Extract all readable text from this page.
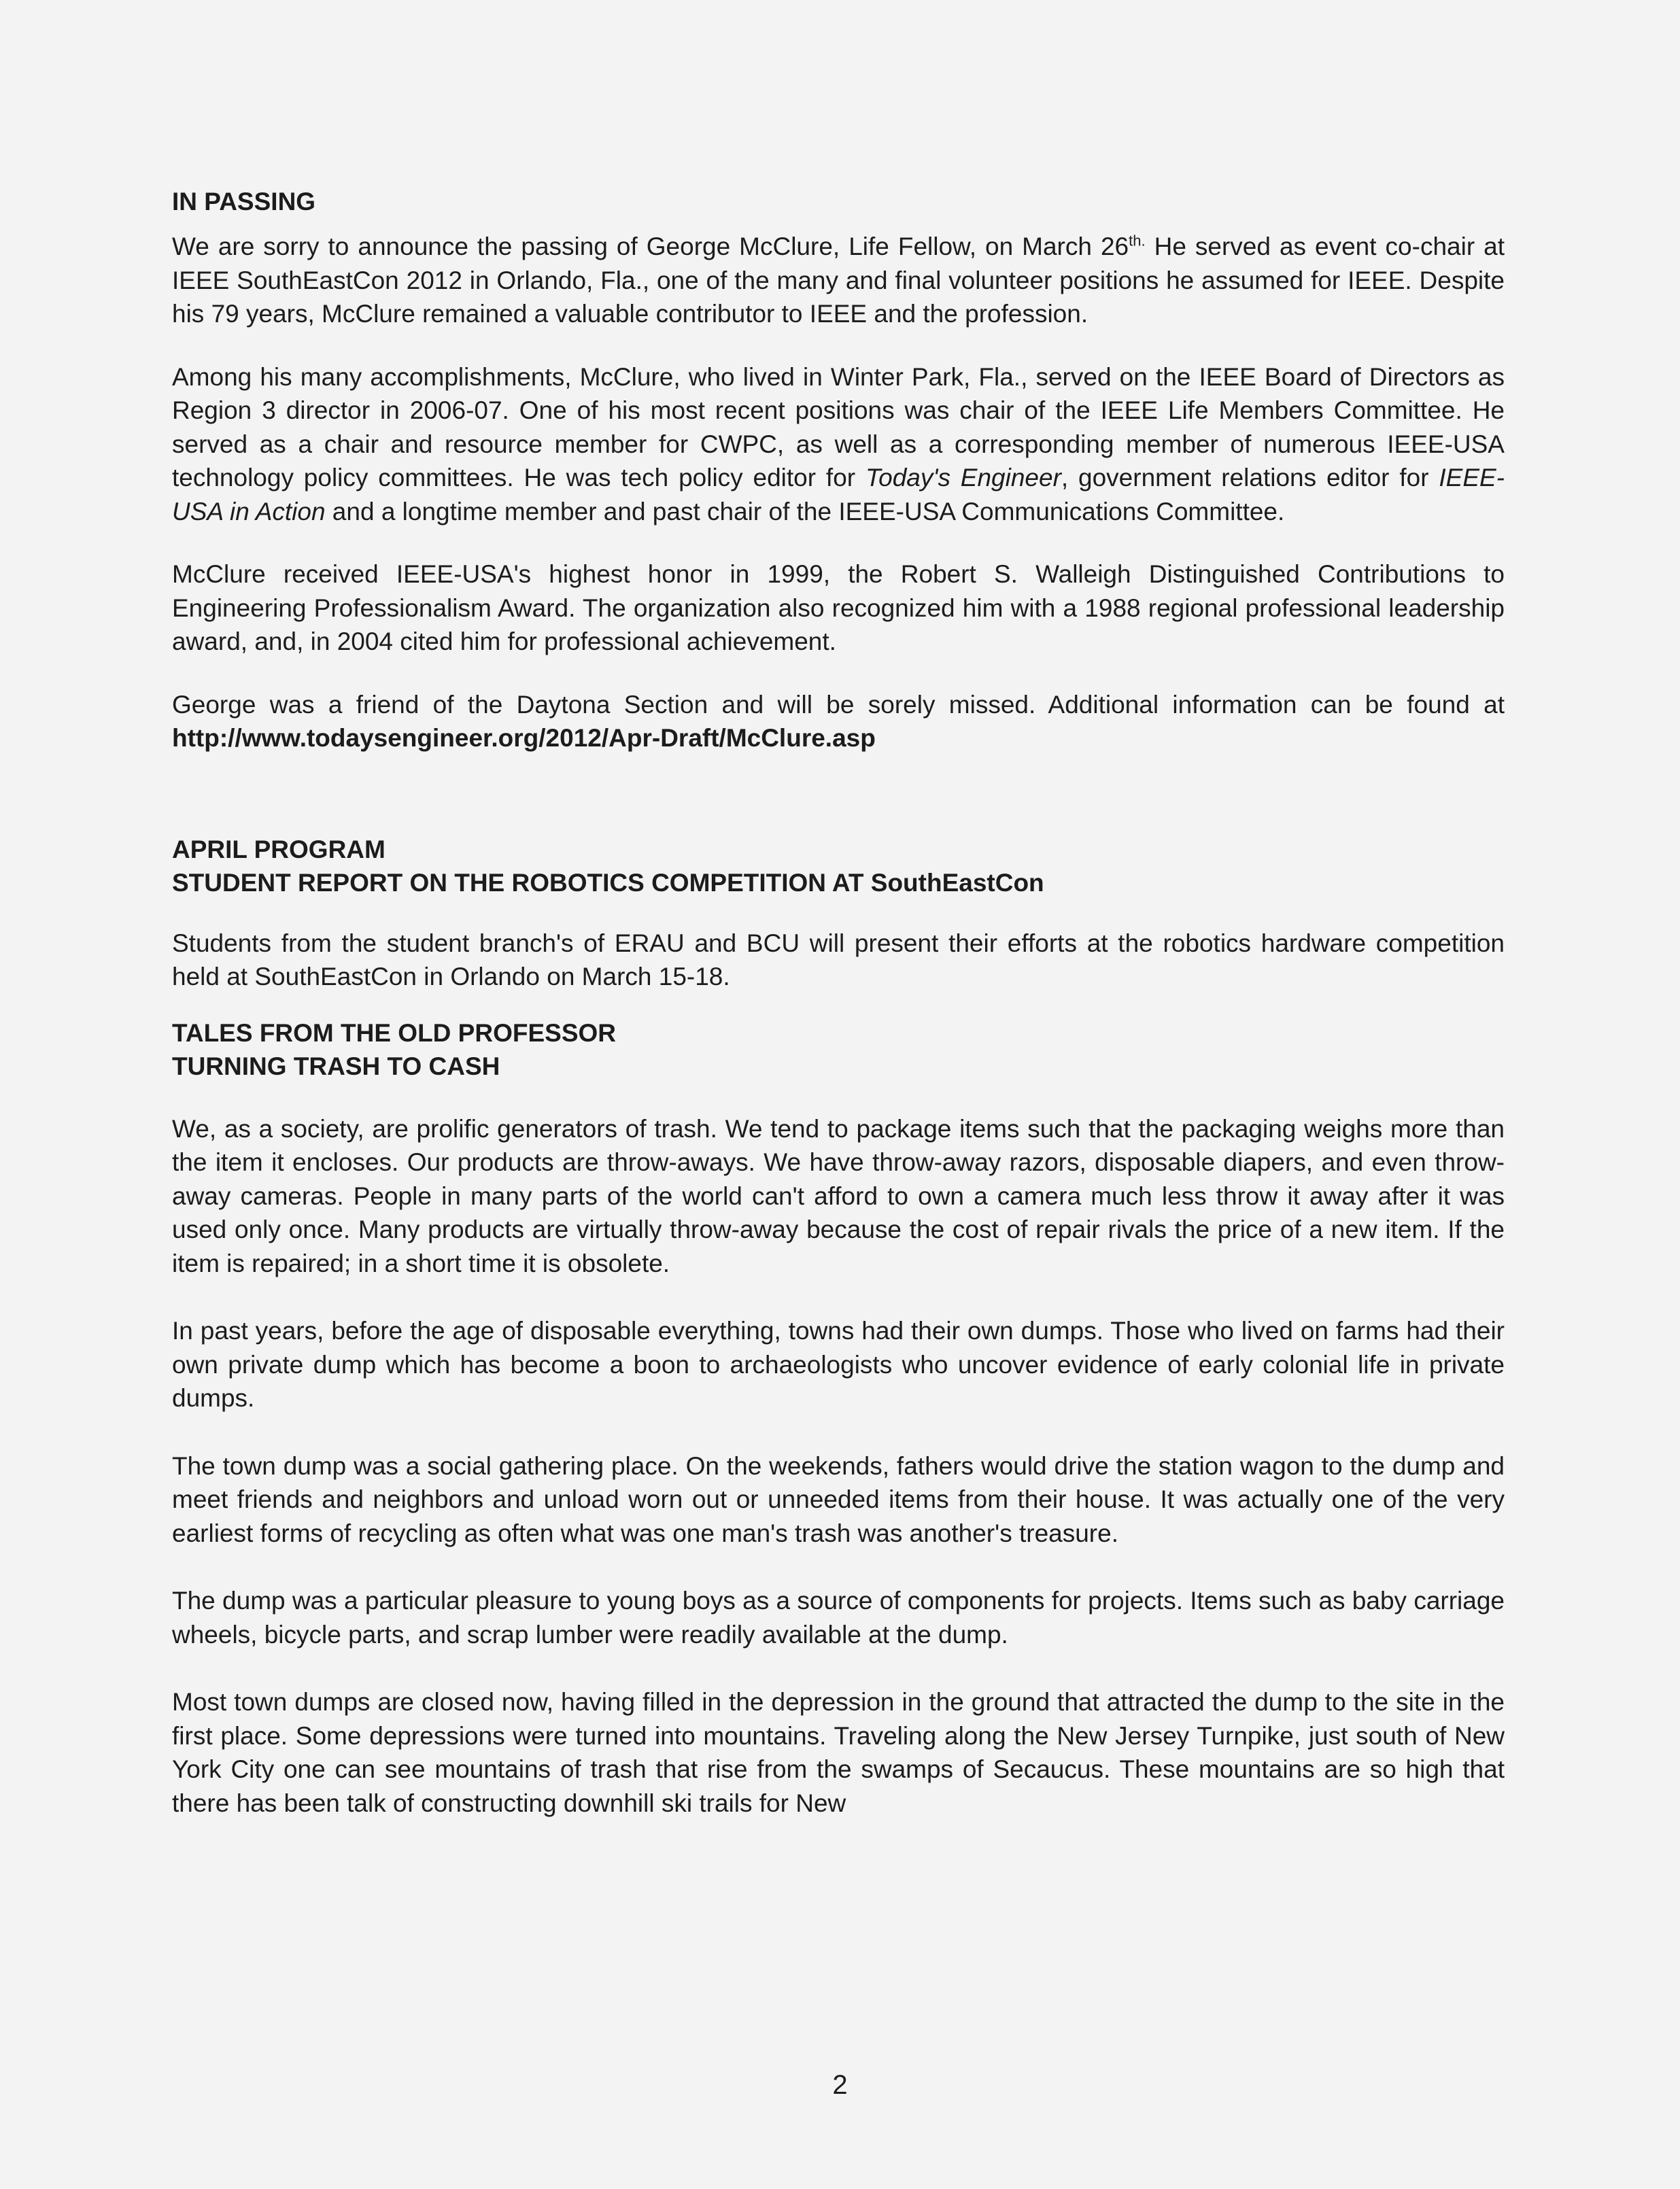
IN PASSING

We are sorry to announce the passing of George McClure, Life Fellow, on March $26^{th.}$ He served as event co-chair at IEEE SouthEastCon 2012 in Orlando, Fla., one of the many and final volunteer positions he assumed for IEEE. Despite his 79 years, McClure remained a valuable contributor to IEEE and the profession.

Among his many accomplishments, McClure, who lived in Winter Park, Fla., served on the IEEE Board of Directors as Region 3 director in 2006-07. One of his most recent positions was chair of the IEEE Life Members Committee. He served as a chair and resource member for CWPC, as well as a corresponding member of numerous IEEE-USA technology policy committees. He was tech policy editor for Today's Engineer, government relations editor for IEEE-USA in Action and a longtime member and past chair of the IEEE-USA Communications Committee.

McClure received IEEE-USA's highest honor in 1999, the Robert S. Walleigh Distinguished Contributions to Engineering Professionalism Award. The organization also recognized him with a 1988 regional professional leadership award, and, in 2004 cited him for professional achievement.

George was a friend of the Daytona Section and will be sorely missed. Additional information can be found at http://www.todaysengineer.org/2012/Apr-Draft/McClure.asp

APRIL PROGRAM
STUDENT REPORT ON THE ROBOTICS COMPETITION AT SouthEastCon

Students from the student branch's of ERAU and BCU will present their efforts at the robotics hardware competition held at SouthEastCon in Orlando on March 15-18.

TALES FROM THE OLD PROFESSOR
TURNING TRASH TO CASH

We, as a society, are prolific generators of trash. We tend to package items such that the packaging weighs more than the item it encloses. Our products are throw-aways. We have throw-away razors, disposable diapers, and even throw-away cameras. People in many parts of the world can't afford to own a camera much less throw it away after it was used only once. Many products are virtually throw-away because the cost of repair rivals the price of a new item. If the item is repaired; in a short time it is obsolete.

In past years, before the age of disposable everything, towns had their own dumps. Those who lived on farms had their own private dump which has become a boon to archaeologists who uncover evidence of early colonial life in private dumps.

The town dump was a social gathering place. On the weekends, fathers would drive the station wagon to the dump and meet friends and neighbors and unload worn out or unneeded items from their house. It was actually one of the very earliest forms of recycling as often what was one man's trash was another's treasure.

The dump was a particular pleasure to young boys as a source of components for projects. Items such as baby carriage wheels, bicycle parts, and scrap lumber were readily available at the dump.

Most town dumps are closed now, having filled in the depression in the ground that attracted the dump to the site in the first place. Some depressions were turned into mountains. Traveling along the New Jersey Turnpike, just south of New York City one can see mountains of trash that rise from the swamps of Secaucus. These mountains are so high that there has been talk of constructing downhill ski trails for New

2
